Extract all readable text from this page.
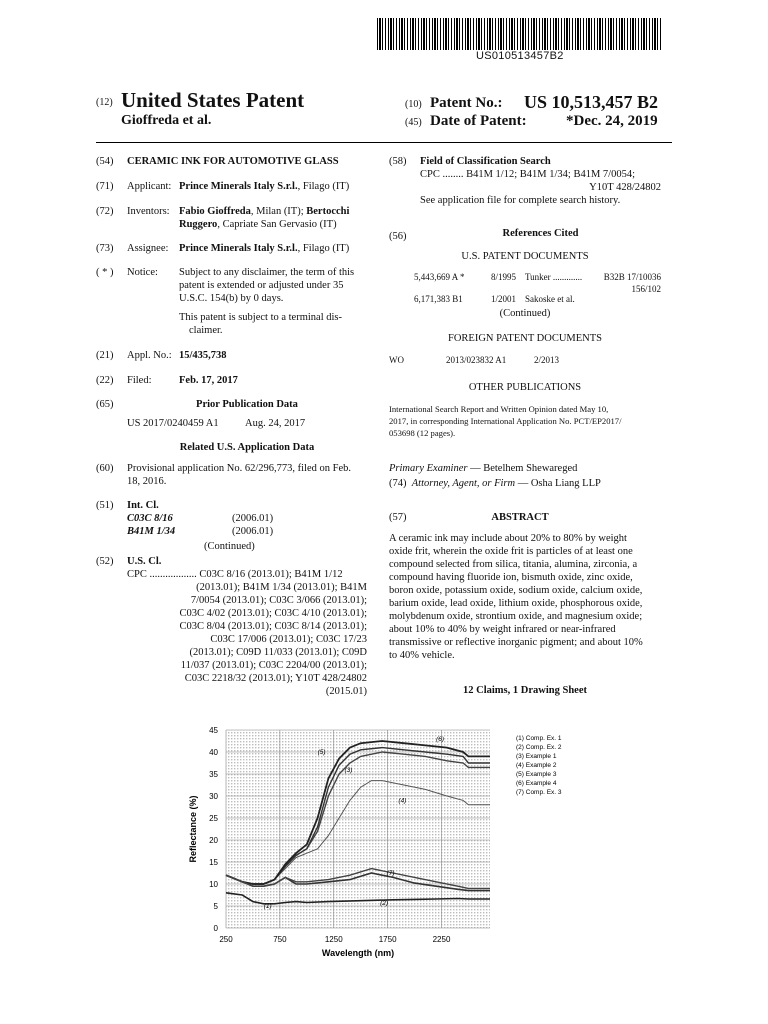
US010513457B2
(12) United States Patent
Gioffreda et al.
(10) Patent No.: US 10,513,457 B2
(45) Date of Patent:	*Dec. 24, 2019
(54) CERAMIC INK FOR AUTOMOTIVE GLASS
(71) Applicant: Prince Minerals Italy S.r.l., Filago (IT)
(72) Inventors: Fabio Gioffreda, Milan (IT); Bertocchi
Ruggero, Capriate San Gervasio (IT)
(73) Assignee: Prince Minerals Italy S.r.l., Filago (IT)
( * ) Notice: Subject to any disclaimer, the term of this
patent is extended or adjusted under 35
U.S.C. 154(b) by 0 days.
This patent is subject to a terminal dis-
claimer.
(21) Appl. No.: 15/435,738
(22) Filed:	Feb. 17, 2017
(65)	Prior Publication Data
US 2017/0240459 A1	Aug. 24, 2017
Related U.S. Application Data
(60) Provisional application No. 62/296,773, filed on Feb.
18, 2016.
(51) Int. Cl.
C03C 8/16	(2006.01)
B41M 1/34	(2006.01)
(Continued)
(52) U.S. Cl.
CPC .................. C03C 8/16 (2013.01); B41M 1/12
(2013.01); B41M 1/34 (2013.01); B41M
7/0054 (2013.01); C03C 3/066 (2013.01);
C03C 4/02 (2013.01); C03C 4/10 (2013.01);
C03C 8/04 (2013.01); C03C 8/14 (2013.01);
C03C 17/006 (2013.01); C03C 17/23
(2013.01); C09D 11/033 (2013.01); C09D
11/037 (2013.01); C03C 2204/00 (2013.01);
C03C 2218/32 (2013.01); Y10T 428/24802
(2015.01)
(58) Field of Classification Search
CPC ........ B41M 1/12; B41M 1/34; B41M 7/0054;
Y10T 428/24802
See application file for complete search history.
(56)	References Cited
U.S. PATENT DOCUMENTS
5,443,669 A *	8/1995 Tunker .............	B32B 17/10036
156/102
6,171,383 B1	1/2001 Sakoske et al.
(Continued)
FOREIGN PATENT DOCUMENTS
WO	2013/023832 A1	2/2013
OTHER PUBLICATIONS
International Search Report and Written Opinion dated May 10,
2017, in corresponding International Application No. PCT/EP2017/
053698 (12 pages).
Primary Examiner — Betelhem Shewareged
(74) Attorney, Agent, or Firm — Osha Liang LLP
(57)	ABSTRACT
A ceramic ink may include about 20% to 80% by weight
oxide frit, wherein the oxide frit is particles of at least one
compound selected from silica, titania, alumina, zirconia, a
compound having fluoride ion, bismuth oxide, zinc oxide,
boron oxide, potassium oxide, sodium oxide, calcium oxide,
barium oxide, lead oxide, lithium oxide, phosphorous oxide,
molybdenum oxide, strontium oxide, and magnesium oxide;
about 10% to 40% by weight infrared or near-infrared
transmissive or reflective inorganic pigment; and about 10%
to 40% vehicle.
12 Claims, 1 Drawing Sheet
0
5
10
15
20
25
30
35
40
45
250	750	1250	1750	2250
(1)	(2)
(3)
(4)
(5)
(6)
(7)
(1) Comp. Ex. 1
(2) Comp. Ex. 2
(3) Example 1
(4) Example 2
(5) Example 3
(6) Example 4
(7) Comp. Ex. 3
Wavelength (nm)
Reflectance (%)
